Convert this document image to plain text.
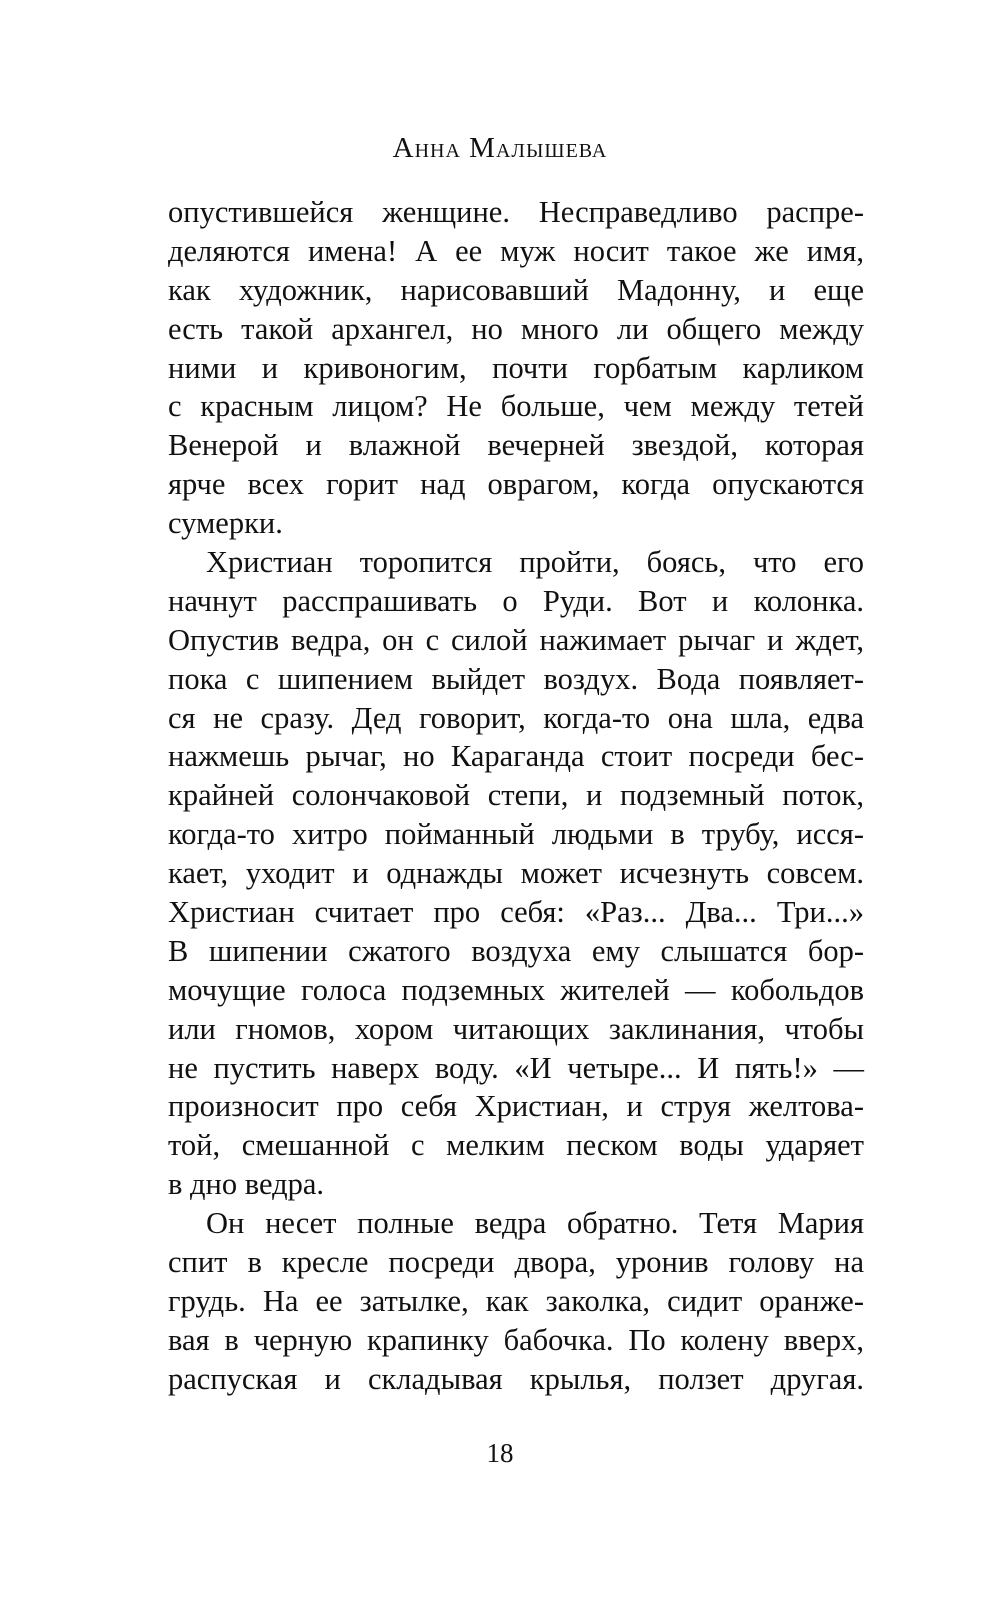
Анна Малышева
опустившейся женщине. Несправедливо распре-
деляются имена! А ее муж носит такое же имя,
как художник, нарисовавший Мадонну, и еще
есть такой архангел, но много ли общего между
ними и кривоногим, почти горбатым карликом
с красным лицом? Не больше, чем между тетей
Венерой и влажной вечерней звездой, которая
ярче всех горит над оврагом, когда опускаются
сумерки.
Христиан торопится пройти, боясь, что его
начнут расспрашивать о Руди. Вот и колонка.
Опустив ведра, он с силой нажимает рычаг и ждет,
пока с шипением выйдет воздух. Вода появляет-
ся не сразу. Дед говорит, когда-то она шла, едва
нажмешь рычаг, но Караганда стоит посреди бес-
крайней солончаковой степи, и подземный поток,
когда-то хитро пойманный людьми в трубу, исся-
кает, уходит и однажды может исчезнуть совсем.
Христиан считает про себя: «Раз... Два... Три...»
В шипении сжатого воздуха ему слышатся бор-
мочущие голоса подземных жителей — кобольдов
или гномов, хором читающих заклинания, чтобы
не пустить наверх воду. «И четыре... И пять!» —
произносит про себя Христиан, и струя желтова-
той, смешанной с мелким песком воды ударяет
в дно ведра.
Он несет полные ведра обратно. Тетя Мария
спит в кресле посреди двора, уронив голову на
грудь. На ее затылке, как заколка, сидит оранже-
вая в черную крапинку бабочка. По колену вверх,
распуская и складывая крылья, ползет другая.
18
